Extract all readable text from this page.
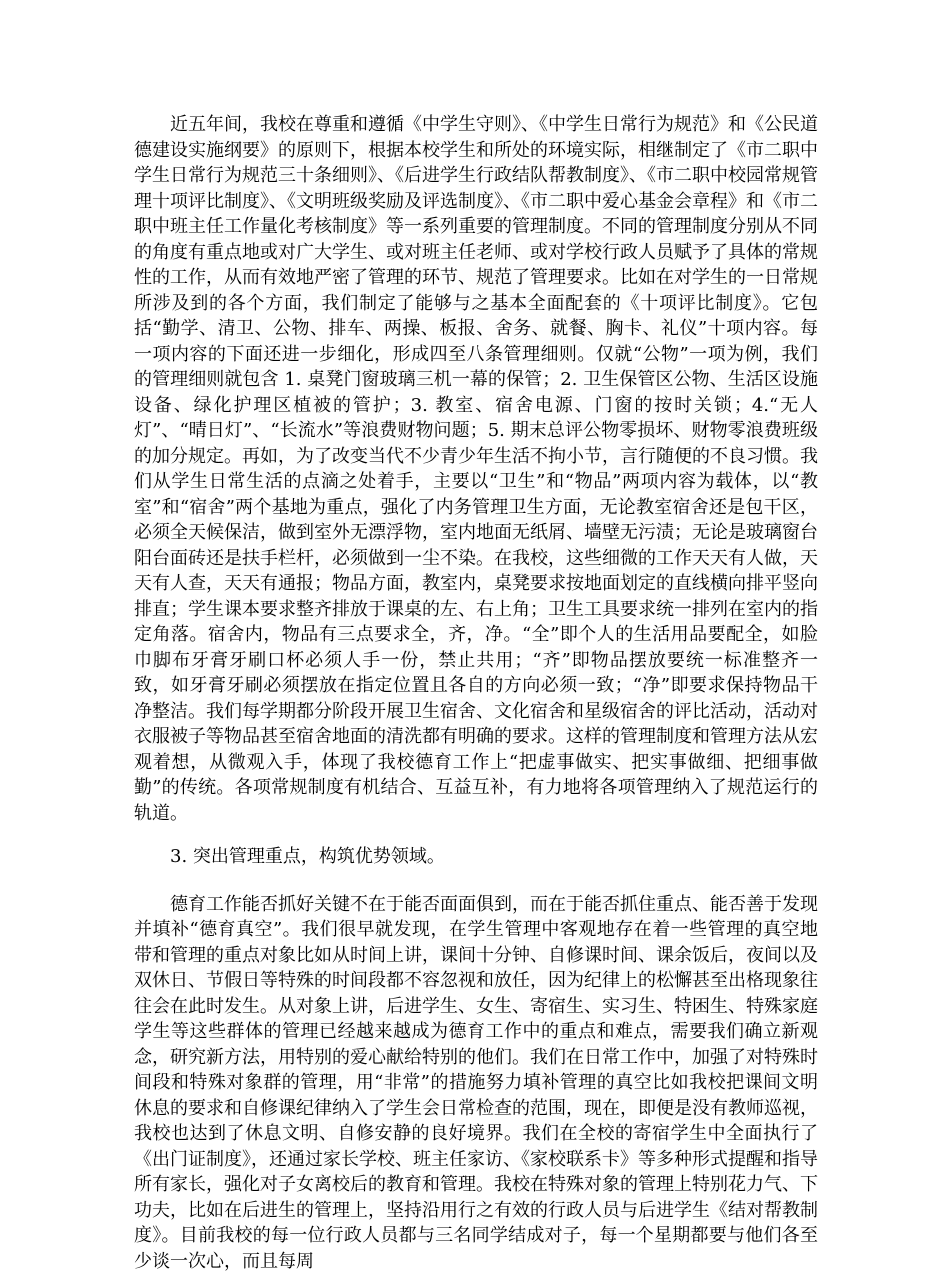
近五年间，我校在尊重和遵循《中学生守则》、《中学生日常行为规范》和《公民道德建设实施纲要》的原则下，根据本校学生和所处的环境实际，相继制定了《市二职中学生日常行为规范三十条细则》、《后进学生行政结队帮教制度》、《市二职中校园常规管理十项评比制度》、《文明班级奖励及评选制度》、《市二职中爱心基金会章程》和《市二职中班主任工作量化考核制度》等一系列重要的管理制度。不同的管理制度分别从不同的角度有重点地或对广大学生、或对班主任老师、或对学校行政人员赋予了具体的常规性的工作，从而有效地严密了管理的环节、规范了管理要求。比如在对学生的一日常规所涉及到的各个方面，我们制定了能够与之基本全面配套的《十项评比制度》。它包括“勤学、清卫、公物、排车、两操、板报、舍务、就餐、胸卡、礼仪”十项内容。每一项内容的下面还进一步细化，形成四至八条管理细则。仅就“公物”一项为例，我们的管理细则就包含 1. 桌凳门窗玻璃三机一幕的保管；2. 卫生保管区公物、生活区设施设备、绿化护理区植被的管护；3. 教室、宿舍电源、门窗的按时关锁；4.“无人灯”、“晴日灯”、“长流水”等浪费财物问题；5. 期末总评公物零损坏、财物零浪费班级的加分规定。再如，为了改变当代不少青少年生活不拘小节，言行随便的不良习惯。我们从学生日常生活的点滴之处着手，主要以“卫生”和“物品”两项内容为载体，以“教室”和“宿舍”两个基地为重点，强化了内务管理卫生方面，无论教室宿舍还是包干区，必须全天候保洁，做到室外无漂浮物，室内地面无纸屑、墙壁无污渍；无论是玻璃窗台阳台面砖还是扶手栏杆，必须做到一尘不染。在我校，这些细微的工作天天有人做，天天有人查，天天有通报；物品方面，教室内，桌凳要求按地面划定的直线横向排平竖向排直；学生课本要求整齐排放于课桌的左、右上角；卫生工具要求统一排列在室内的指定角落。宿舍内，物品有三点要求全，齐，净。“全”即个人的生活用品要配全，如脸巾脚布牙膏牙刷口杯必须人手一份，禁止共用；“齐”即物品摆放要统一标准整齐一致，如牙膏牙刷必须摆放在指定位置且各自的方向必须一致；“净”即要求保持物品干净整洁。我们每学期都分阶段开展卫生宿舍、文化宿舍和星级宿舍的评比活动，活动对衣服被子等物品甚至宿舍地面的清洗都有明确的要求。这样的管理制度和管理方法从宏观着想，从微观入手，体现了我校德育工作上“把虚事做实、把实事做细、把细事做勤”的传统。各项常规制度有机结合、互益互补，有力地将各项管理纳入了规范运行的轨道。

3. 突出管理重点，构筑优势领域。

德育工作能否抓好关键不在于能否面面俱到，而在于能否抓住重点、能否善于发现并填补“德育真空”。我们很早就发现，在学生管理中客观地存在着一些管理的真空地带和管理的重点对象比如从时间上讲，课间十分钟、自修课时间、课余饭后，夜间以及双休日、节假日等特殊的时间段都不容忽视和放任，因为纪律上的松懈甚至出格现象往往会在此时发生。从对象上讲，后进学生、女生、寄宿生、实习生、特困生、特殊家庭学生等这些群体的管理已经越来越成为德育工作中的重点和难点，需要我们确立新观念，研究新方法，用特别的爱心献给特别的他们。我们在日常工作中，加强了对特殊时间段和特殊对象群的管理，用“非常”的措施努力填补管理的真空比如我校把课间文明休息的要求和自修课纪律纳入了学生会日常检查的范围，现在，即便是没有教师巡视，我校也达到了休息文明、自修安静的良好境界。我们在全校的寄宿学生中全面执行了《出门证制度》，还通过家长学校、班主任家访、《家校联系卡》等多种形式提醒和指导所有家长，强化对子女离校后的教育和管理。我校在特殊对象的管理上特别花力气、下功夫，比如在后进生的管理上，坚持沿用行之有效的行政人员与后进学生《结对帮教制度》。目前我校的每一位行政人员都与三名同学结成对子，每一个星期都要与他们各至少谈一次心，而且每周
